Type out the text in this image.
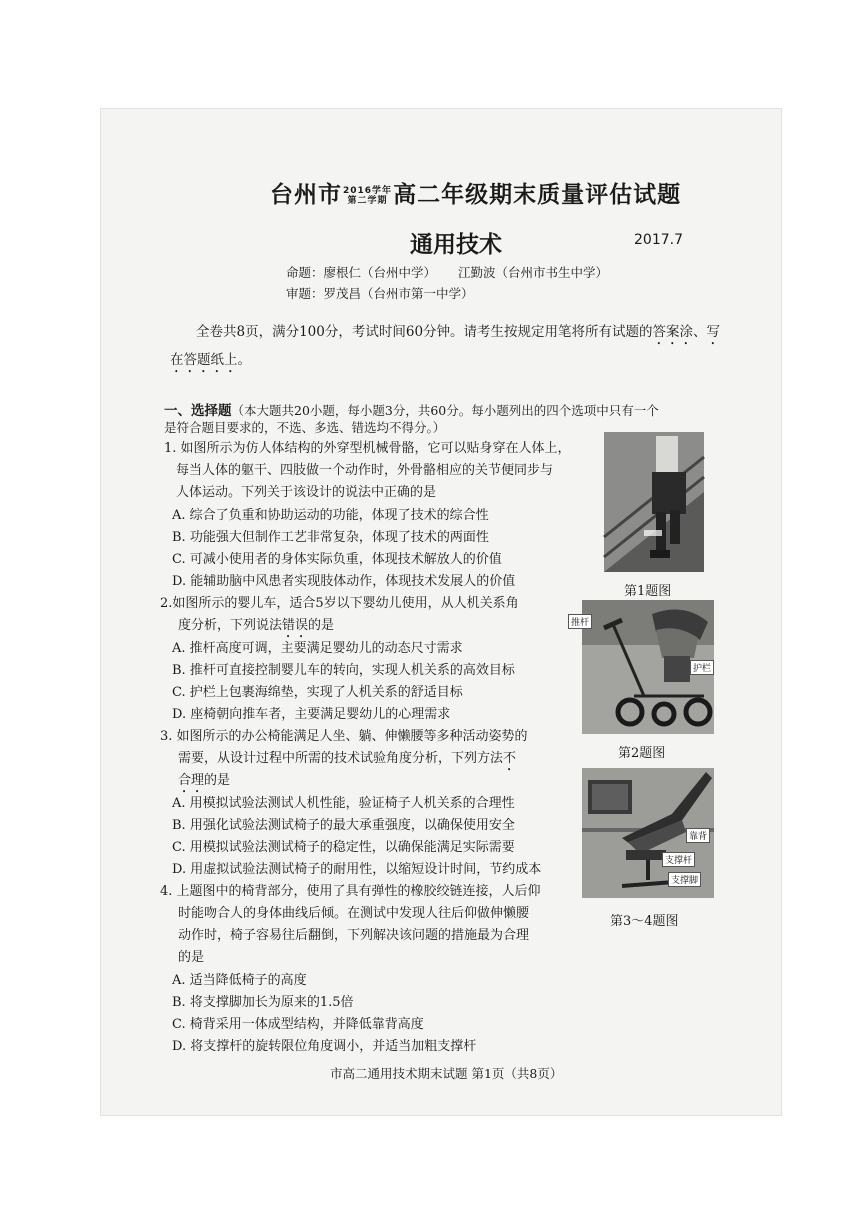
台州市2016学年
第二学期 高二年级期末质量评估试题
通用技术	2017.7
命题：廖根仁（台州中学） 江勤波（台州市书生中学）
审题：罗茂昌（台州市第一中学）
全卷共8页，满分100分，考试时间60分钟。请考生按规定用笔将所有试题的答案涂、写在答题纸上。
一、选择题（本大题共20小题，每小题3分，共60分。每小题列出的四个选项中只有一个
是符合题目要求的，不选、多选、错选均不得分。）
1. 如图所示为仿人体结构的外穿型机械骨骼，它可以贴身穿在人体上，
每当人体的躯干、四肢做一个动作时，外骨骼相应的关节便同步与
人体运动。下列关于该设计的说法中正确的是
A. 综合了负重和协助运动的功能，体现了技术的综合性
B. 功能强大但制作工艺非常复杂，体现了技术的两面性
C. 可减小使用者的身体实际负重，体现技术解放人的价值
D. 能辅助脑中风患者实现肢体动作，体现技术发展人的价值
2.如图所示的婴儿车，适合5岁以下婴幼儿使用，从人机关系角
度分析，下列说法错误的是
A. 推杆高度可调，主要满足婴幼儿的动态尺寸需求
B. 推杆可直接控制婴儿车的转向，实现人机关系的高效目标
C. 护栏上包裹海绵垫，实现了人机关系的舒适目标
D. 座椅朝向推车者，主要满足婴幼儿的心理需求
3. 如图所示的办公椅能满足人坐、躺、伸懒腰等多种活动姿势的
需要，从设计过程中所需的技术试验角度分析，下列方法不
合理的是
A. 用模拟试验法测试人机性能，验证椅子人机关系的合理性
B. 用强化试验法测试椅子的最大承重强度，以确保使用安全
C. 用模拟试验法测试椅子的稳定性，以确保能满足实际需要
D. 用虚拟试验法测试椅子的耐用性，以缩短设计时间，节约成本
4. 上题图中的椅背部分，使用了具有弹性的橡胶绞链连接，人后仰
时能吻合人的身体曲线后倾。在测试中发现人往后仰做伸懒腰
动作时，椅子容易往后翻倒，下列解决该问题的措施最为合理
的是
A. 适当降低椅子的高度
B. 将支撑脚加长为原来的1.5倍
C. 椅背采用一体成型结构，并降低靠背高度
D. 将支撑杆的旋转限位角度调小，并适当加粗支撑杆
第1题图
推杆
护栏
第2题图
靠背
支撑杆
支撑脚
第3～4题图
市高二通用技术期末试题 第1页（共8页）
